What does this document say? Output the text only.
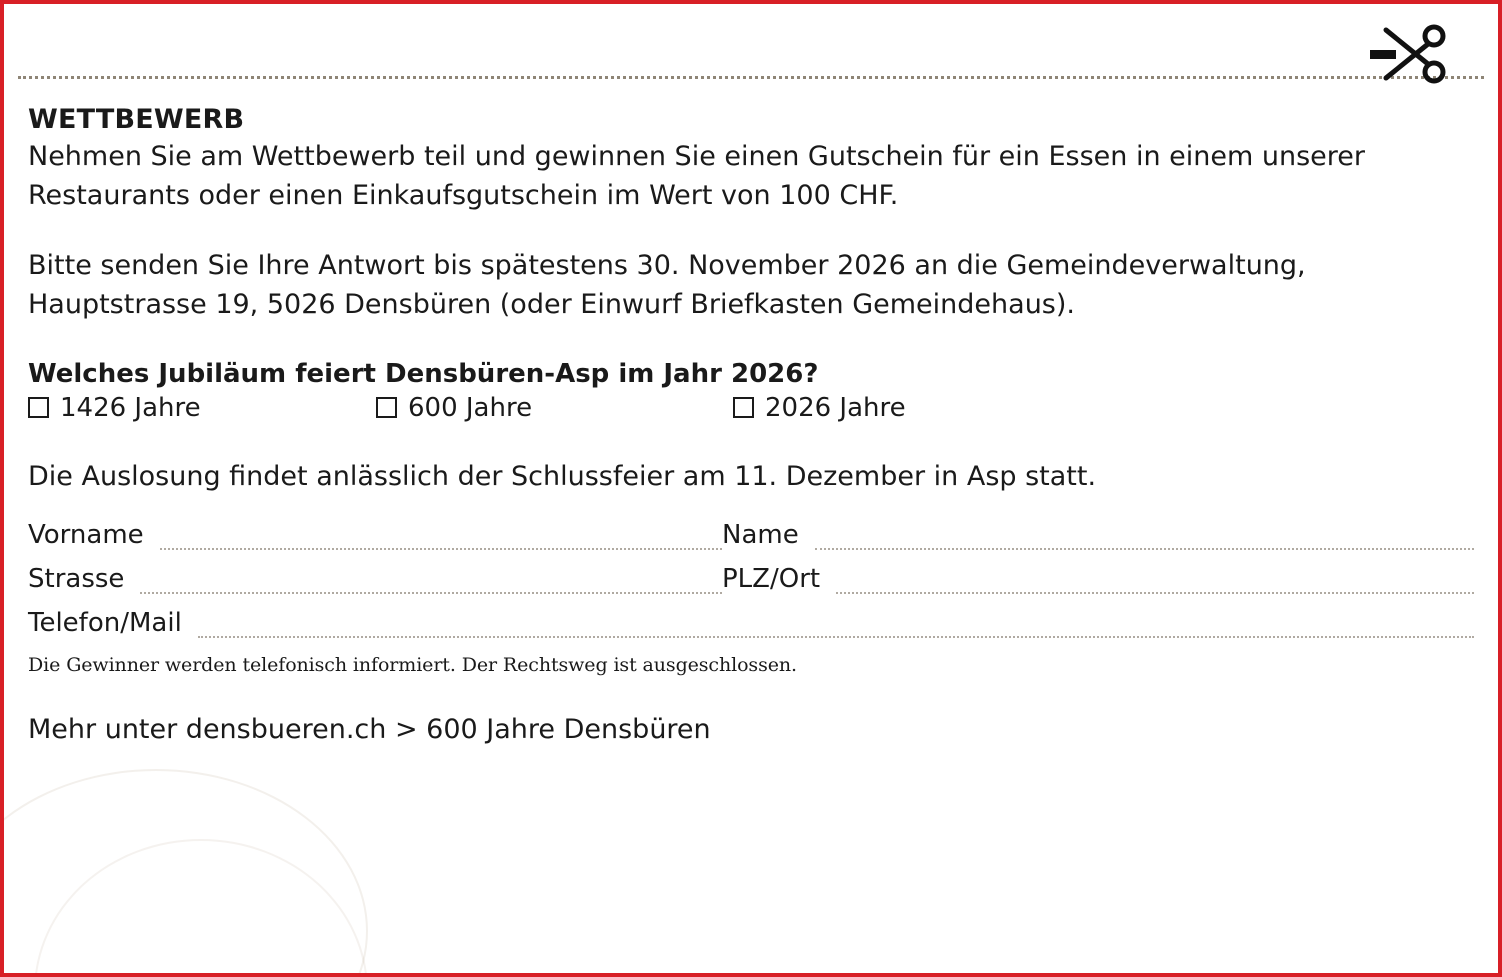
WETTBEWERB

Nehmen Sie am Wettbewerb teil und gewinnen Sie einen Gutschein für ein Essen in einem unserer Restaurants oder einen Einkaufsgutschein im Wert von 100 CHF.

Bitte senden Sie Ihre Antwort bis spätestens 30. November 2026 an die Gemeindeverwaltung, Hauptstrasse 19, 5026 Densbüren (oder Einwurf Briefkasten Gemeindehaus).

Welches Jubiläum feiert Densbüren-Asp im Jahr 2026?

1426 Jahre	600 Jahre	2026 Jahre

Die Auslosung findet anlässlich der Schlussfeier am 11. Dezember in Asp statt.

Vorname	Name
Strasse	PLZ/Ort
Telefon/Mail

Die Gewinner werden telefonisch informiert. Der Rechtsweg ist ausgeschlossen.

Mehr unter densbueren.ch > 600 Jahre Densbüren
